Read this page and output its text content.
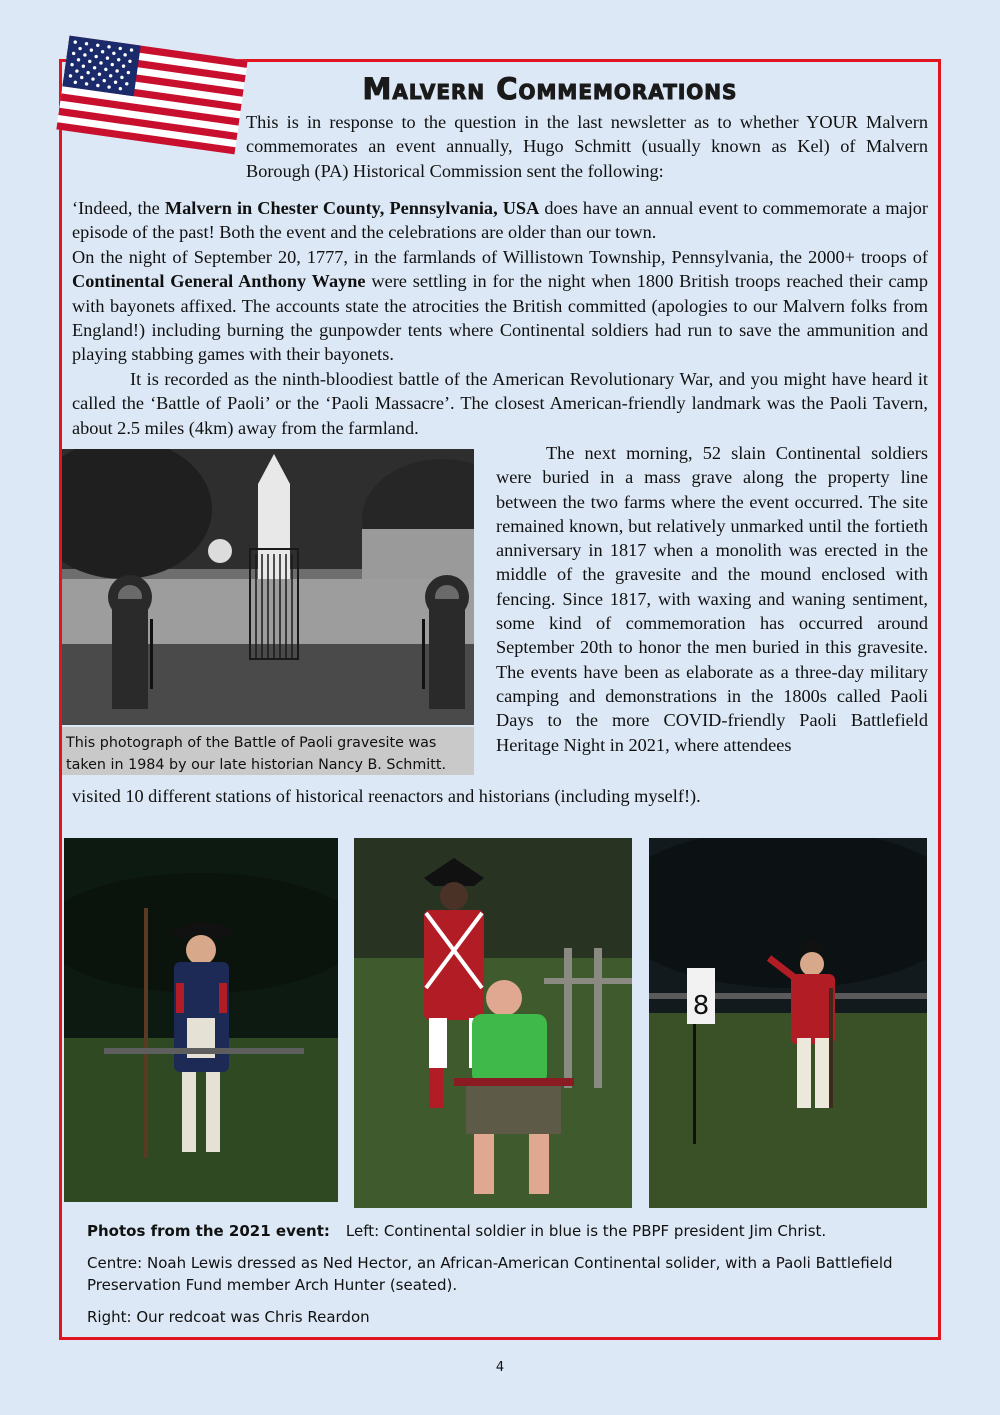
Malvern Commemorations

This is in response to the question in the last newsletter as to whether YOUR Malvern commemorates an event annually, Hugo Schmitt (usually known as Kel) of Malvern Borough (PA) Historical Commission sent the following:

‘Indeed, the Malvern in Chester County, Pennsylvania, USA does have an annual event to commemorate a major episode of the past! Both the event and the celebrations are older than our town.

On the night of September 20, 1777, in the farmlands of Willistown Township, Pennsylvania, the 2000+ troops of Continental General Anthony Wayne were settling in for the night when 1800 British troops reached their camp with bayonets affixed. The accounts state the atrocities the British committed (apologies to our Malvern folks from England!) including burning the gunpowder tents where Continental soldiers had run to save the ammunition and playing stabbing games with their bayonets.

It is recorded as the ninth-bloodiest battle of the American Revolutionary War, and you might have heard it called the ‘Battle of Paoli’ or the ‘Paoli Massacre’. The closest American-friendly landmark was the Paoli Tavern, about 2.5 miles (4km) away from the farmland.

This photograph of the Battle of Paoli gravesite was taken in 1984 by our late historian Nancy B. Schmitt.

The next morning, 52 slain Continental soldiers were buried in a mass grave along the property line between the two farms where the event occurred. The site remained known, but relatively unmarked until the fortieth anniversary in 1817 when a monolith was erected in the middle of the gravesite and the mound enclosed with fencing. Since 1817, with waxing and waning sentiment, some kind of commemoration has occurred around September 20th to honor the men buried in this gravesite. The events have been as elaborate as a three-day military camping and demonstrations in the 1800s called Paoli Days to the more COVID-friendly Paoli Battlefield Heritage Night in 2021, where attendees

visited 10 different stations of historical reenactors and historians (including myself!).

8
Photos from the 2021 event: Left: Continental soldier in blue is the PBPF president Jim Christ.
Centre: Noah Lewis dressed as Ned Hector, an African-American Continental solider, with a Paoli Battlefield Preservation Fund member Arch Hunter (seated).
Right: Our redcoat was Chris Reardon
4
